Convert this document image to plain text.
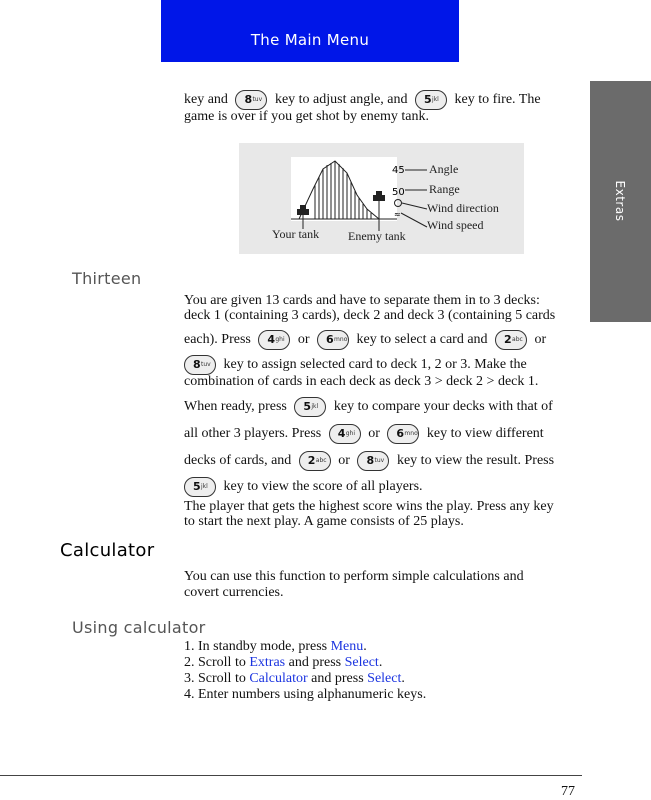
The Main Menu
Extras
key and 8 tuv key to adjust angle, and 5 jkl key to fire. The
game is over if you get shot by enemy tank.
45
50
≈
Angle
Range
Wind direction
Wind speed
Your tank Enemy tank
Thirteen
You are given 13 cards and have to separate them in to 3 decks:
deck 1 (containing 3 cards), deck 2 and deck 3 (containing 5 cards
each). Press 4 ghi or 6 mno key to select a card and 2 abc or
8 tuv key to assign selected card to deck 1, 2 or 3. Make the
combination of cards in each deck as deck 3 > deck 2 > deck 1.
When ready, press 5 jkl key to compare your decks with that of
all other 3 players. Press 4 ghi or 6 mno key to view different
decks of cards, and 2 abc or 8 tuv key to view the result. Press
5 jkl key to view the score of all players.
The player that gets the highest score wins the play. Press any key
to start the next play. A game consists of 25 plays.
Calculator
You can use this function to perform simple calculations and
covert currencies.
Using calculator
1. In standby mode, press Menu.
2. Scroll to Extras and press Select.
3. Scroll to Calculator and press Select.
4. Enter numbers using alphanumeric keys.
77
